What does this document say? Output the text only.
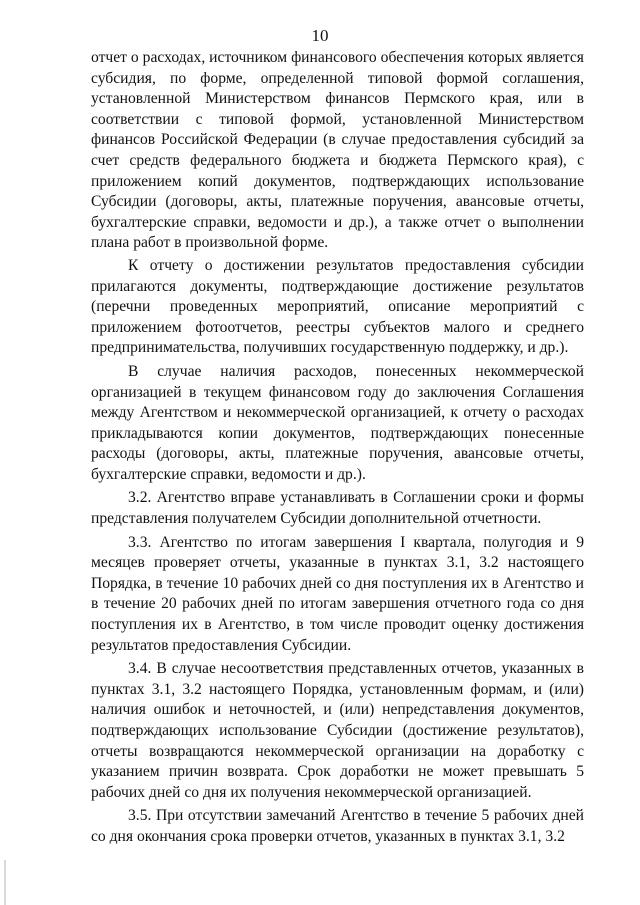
10

отчет о расходах, источником финансового обеспечения которых является субсидия, по форме, определенной типовой формой соглашения, установленной Министерством финансов Пермского края, или в соответствии с типовой формой, установленной Министерством финансов Российской Федерации (в случае предоставления субсидий за счет средств федерального бюджета и бюджета Пермского края), с приложением копий документов, подтверждающих использование Субсидии (договоры, акты, платежные поручения, авансовые отчеты, бухгалтерские справки, ведомости и др.), а также отчет о выполнении плана работ в произвольной форме.

К отчету о достижении результатов предоставления субсидии прилагаются документы, подтверждающие достижение результатов (перечни проведенных мероприятий, описание мероприятий с приложением фотоотчетов, реестры субъектов малого и среднего предпринимательства, получивших государственную поддержку, и др.).

В случае наличия расходов, понесенных некоммерческой организацией в текущем финансовом году до заключения Соглашения между Агентством и некоммерческой организацией, к отчету о расходах прикладываются копии документов, подтверждающих понесенные расходы (договоры, акты, платежные поручения, авансовые отчеты, бухгалтерские справки, ведомости и др.).

3.2. Агентство вправе устанавливать в Соглашении сроки и формы представления получателем Субсидии дополнительной отчетности.

3.3. Агентство по итогам завершения I квартала, полугодия и 9 месяцев проверяет отчеты, указанные в пунктах 3.1, 3.2 настоящего Порядка, в течение 10 рабочих дней со дня поступления их в Агентство и в течение 20 рабочих дней по итогам завершения отчетного года со дня поступления их в Агентство, в том числе проводит оценку достижения результатов предоставления Субсидии.

3.4. В случае несоответствия представленных отчетов, указанных в пунктах 3.1, 3.2 настоящего Порядка, установленным формам, и (или) наличия ошибок и неточностей, и (или) непредставления документов, подтверждающих использование Субсидии (достижение результатов), отчеты возвращаются некоммерческой организации на доработку с указанием причин возврата. Срок доработки не может превышать 5 рабочих дней со дня их получения некоммерческой организацией.

3.5. При отсутствии замечаний Агентство в течение 5 рабочих дней со дня окончания срока проверки отчетов, указанных в пунктах 3.1, 3.2
